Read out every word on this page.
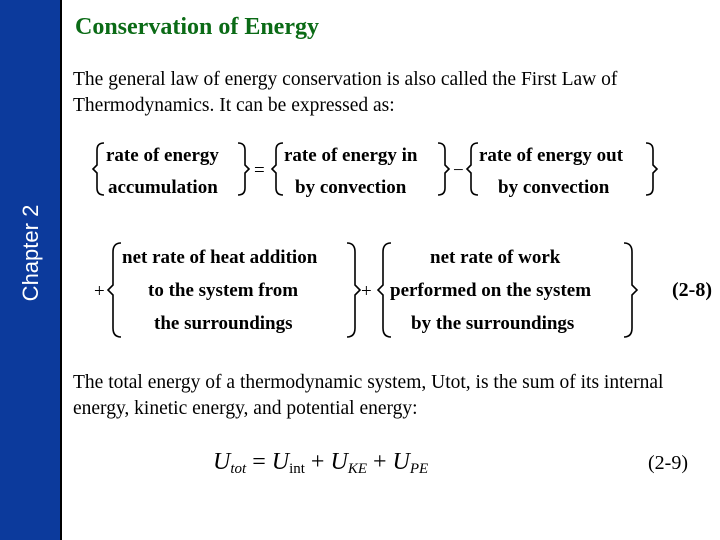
Chapter 2
Conservation of Energy
The general law of energy conservation is also called the First Law of Thermodynamics. It can be expressed as:
rate of energy
accumulation
=
rate of energy in
by convection
−
rate of energy out
by convection
+
net rate of heat addition
to the system from
the surroundings
+
net rate of work
performed on the system
by the surroundings
(2-8)
The total energy of a thermodynamic system, Utot, is the sum of its internal energy, kinetic energy, and potential energy:
$U_{tot} = U_{int} + U_{KE} + U_{PE}$	(2-9)
